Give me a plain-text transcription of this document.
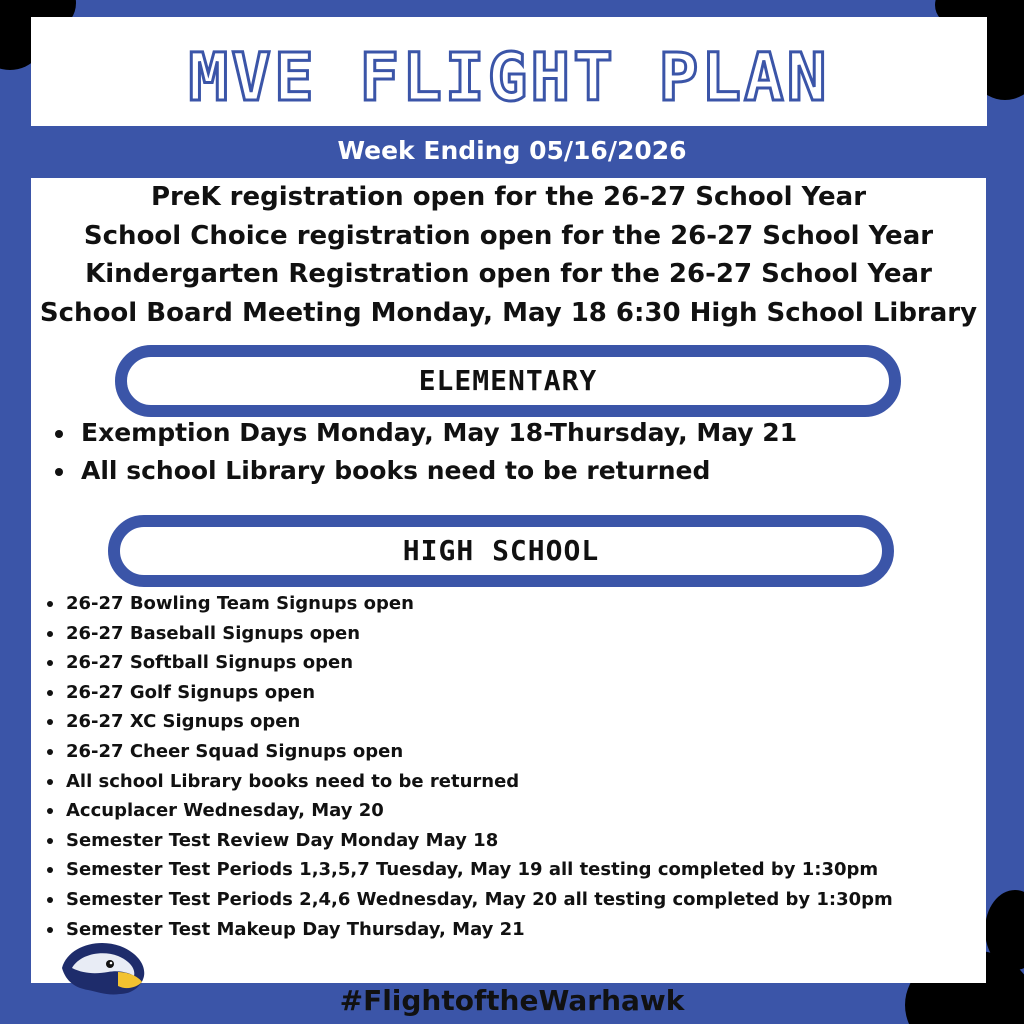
MVE FLIGHT PLAN
Week Ending 05/16/2026
PreK registration open for the 26-27 School Year
School Choice registration open for the 26-27 School Year
Kindergarten Registration open for the 26-27 School Year
School Board Meeting Monday, May 18 6:30 High School Library
ELEMENTARY
Exemption Days Monday, May 18-Thursday, May 21
All school Library books need to be returned
HIGH SCHOOL
26-27 Bowling Team Signups open
26-27 Baseball Signups open
26-27 Softball Signups open
26-27 Golf Signups open
26-27 XC Signups open
26-27 Cheer Squad Signups open
All school Library books need to be returned
Accuplacer Wednesday, May 20
Semester Test Review Day Monday May 18
Semester Test Periods 1,3,5,7 Tuesday, May 19 all testing completed by 1:30pm
Semester Test Periods 2,4,6 Wednesday, May 20 all testing completed by 1:30pm
Semester Test Makeup Day Thursday, May 21
#FlightoftheWarhawk
